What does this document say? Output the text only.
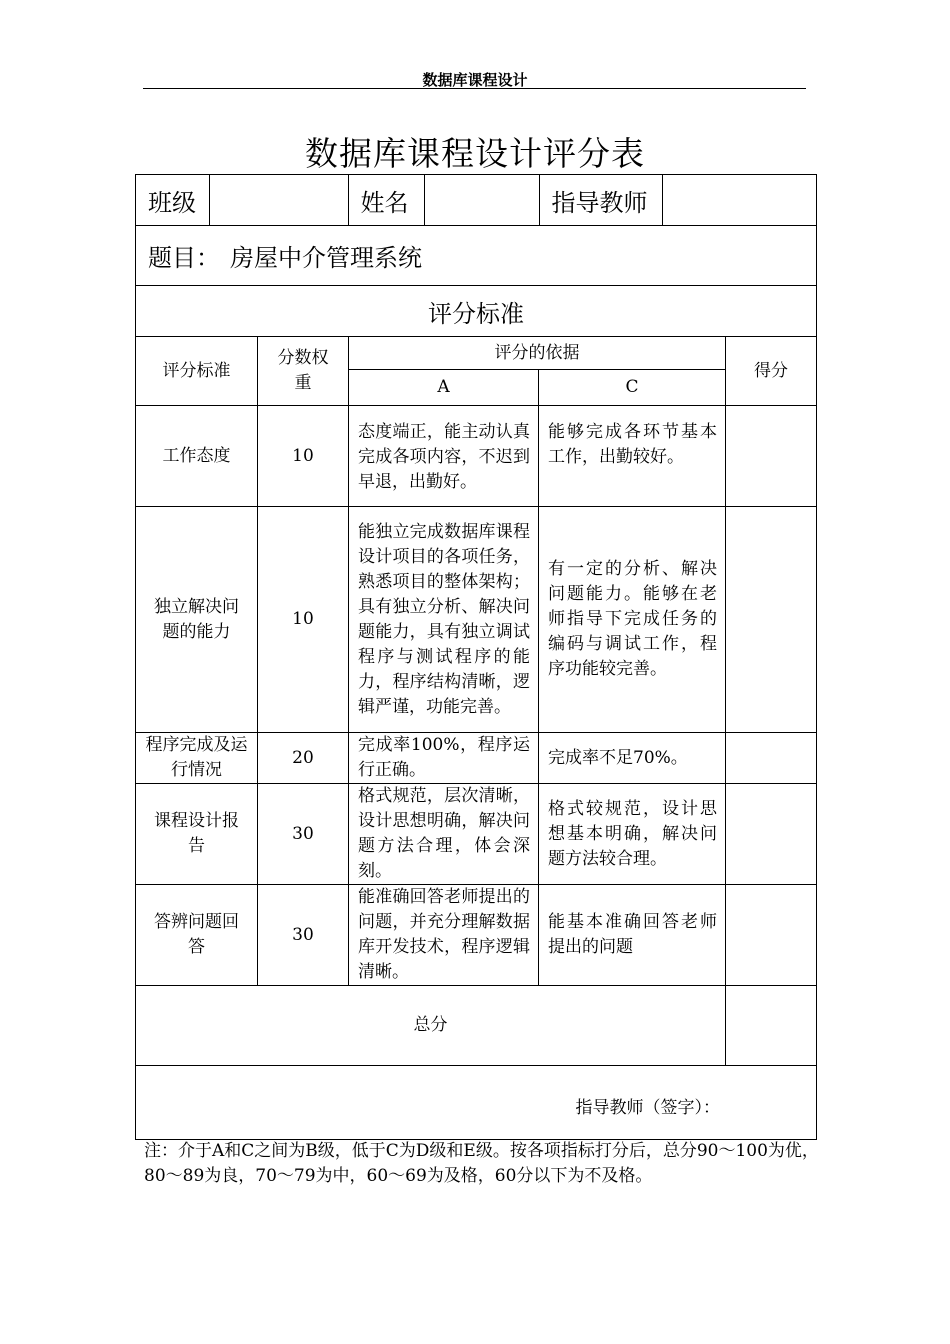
数据库课程设计
数据库课程设计评分表
班级		姓名		指导教师	

题目： 房屋中介管理系统
评分标准
评分标准	分数权重	评分的依据	得分
A	C
工作态度	10	态度端正，能主动认真完成各项内容，不迟到早退，出勤好。	能够完成各环节基本工作，出勤较好。	
独立解决问题的能力	10	能独立完成数据库课程设计项目的各项任务，熟悉项目的整体架构；具有独立分析、解决问题能力，具有独立调试程序与测试程序的能力，程序结构清晰，逻辑严谨，功能完善。	有一定的分析、解决问题能力。能够在老师指导下完成任务的编码与调试工作，程序功能较完善。	
程序完成及运行情况	20	完成率100%，程序运行正确。	完成率不足70%。	
课程设计报告	30	格式规范，层次清晰，设计思想明确，解决问题方法合理，体会深刻。	格式较规范，设计思想基本明确，解决问题方法较合理。	
答辨问题回答	30	能准确回答老师提出的问题，并充分理解数据库开发技术，程序逻辑清晰。	能基本准确回答老师提出的问题	
总分	

指导教师（签字）：
注：介于A和C之间为B级，低于C为D级和E级。按各项指标打分后，总分90～100为优，80～89为良，70～79为中，60～69为及格，60分以下为不及格。
